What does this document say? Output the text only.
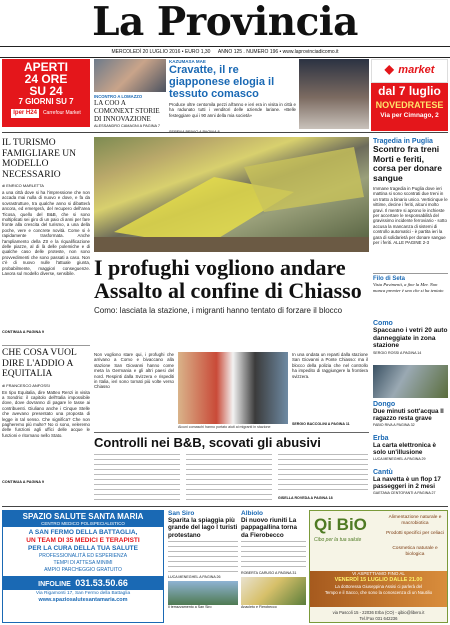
La Provincia
MERCOLEDÌ 20 LUGLIO 2016 • EURO 1,30 ANNO 125 . NUMERO 196 • www.laprovinciadicomo.it
APERTI
24 ORE
SU 24
7 GIORNI SU 7
Iper H24	Carrefour Market
INCONTRO A LOMAZZO
LA COO A COMONEXT STORIE DI INNOVAZIONE
ALESSANDRO CAMAGNI A PAGINA 7
KAZUMASA MAE
Cravatte, il re giapponese elogia il tessuto comasco
Produce oltre centomila pezzi all'anno e ieri era in visita in città e ha radunato tutti i venditori delle aziende lariane. «Belle festeggiare qui i 90 anni della mia società»
◆ market
dal 7 luglio
NOVEDRATESE
Via per Cimnago, 2
IL TURISMO FAMIGLIARE UN MODELLO NECESSARIO
di ENRICO MARLETTA
a una città dove si ha l'impressione che non accada mai nulla di nuovo e dove, e fa da sovrastrutture, tra qualche anno si dibatterà ancora, ed emergerà, del recupero dell'area Ticosa, quello del B&B, che si sono moltiplicati sei giro di un paio di anni per fare fronte alla crescita del turismo, a una della poche, vere e concrete novità. Come si è rapidamente trasformata. Anche l'ampliamento della ZtI e la riqualificazione delle piazze, al di là delle polemiche e di qualche caso delle proteste, non sono provvedimenti che sono passati a caso. Non c'è di nuovo nulle l'attuale giunta, probabilmente, maggiori conseguenze. Lavora sul modello diverse, sensibile.
CONTINUA A PAGINA 9
Tragedia in Puglia
Scontro fra treni Morti e feriti, corsa per donare sangue
Immane tragedia in Puglia dove ieri mattina si sono scontrati due treni in un tratto a binario unico. Verticinque le vittime, decine i feriti, alcuni molto gravi. Il mentre si aprono le inchieste per accertare le responsabilità del gravissimo incidente ferroviario - sotto accusa la mancanza di sistemi di controllo automatici - è partita ieri la gara di solidarietà per donare sangue per i feriti. ALLE PAGINE 2-3
Filo di Seta
Vista Pavimenti, a fine la Mer. Non manca premier è uno che si ha tentato
I profughi vogliono andare
Assalto al confine di Chiasso
Como: lasciata la stazione, i migranti hanno tentato di forzare il blocco
Como
Spaccano i vetri 20 auto danneggiate in zona stazione
SERGIO ROSSI A PAGINA 14
Dongo
Due minuti sott'acqua Il ragazzo resta grave
FABIO RIVA A PAGINA 32
Erba
La carta elettronica è solo un'illusione
LUCA MENEGHEL A PAGINA 29
Cantù
La navetta è un flop 17 passeggeri in 2 mesi
GAETANA CENTOFANTI A PAGINA 27
CHE COSA VUOL DIRE L'ADDIO A EQUITALIA
di FRANCESCO ANFOSSI
En tipo Equitalia, dire Matteo Renzi in visita a Sondrio: il capitolo dell'Italia impossibile dove, dove dovranno di pagare le tasse ai contribuenti. Giuliano anche i Cinque Stelle che avevano presentato una proposta di legge in tal senso. Che significa? Che non pagheremo più multe? No ci sono, veleremo delle funzioni agli uffici delle acque le funzioni e ritornano nello Stato.
CONTINUA A PAGINA 9
Non vogliono stare qui, i profughi che arrivano a Como e bivaccano alla stazione San Giovanni hanno come meta la Germania e gli altri paesi del nord. Respinti dalla Svizzera e rispediti in Italia, ieri sono tornati più volte verso Chiasso
Alcuni comaschi hanno portato aiuti ai migranti in stazione
In una ondata un reparti dalla stazione San Giovanni a Ponte Chiasso: ma il blocco della polizia che nel controllo ha impedito di raggiungere la frontiera svizzera.
SERGIO BACCOLINI A PAGINA 11
Controlli nei B&B, scovati gli abusivi
GISELLA ROVEDA A PAGINA 18
SPAZIO SALUTE SANTA MARIA
CENTRO MEDICO POLISPECIALISTICO
A SAN FERMO DELLA BATTAGLIA,
UN TEAM DI 35 MEDICI E TERAPISTI
PER LA CURA DELLA TUA SALUTE
PROFESSIONALITÀ ED ESPERIENZA
TEMPI DI ATTESA MINIMI
AMPIO PARCHEGGIO GRATUITO
INFOLINE 031.53.50.66
Via Rigamonti 17, San Fermo della Battaglia
www.spaziosalutesantamaria.com
San Siro
Sparita la spiaggia più grande del lago I turisti protestano
LUCA MENEGHEL A PAGINA 26
Il terrazzamento a San Siro
Albiolo
Di nuovo riuniti La pappagallina torna da Fierobecco
ROBERTA CARUSO A PAGINA 31
Anacleto e Fierobecco
Qi BiO
Cibo per la tua salute
Alimentazione naturale e macrobiotica
Prodotti specifici per celiaci
Cosmetica naturale e biologica
VI ASPETTIAMO FINO AL
VENERDÌ 15 LUGLIO DALLE 21.00
La dottoressa Giuseppina Assisi ci parlerà del
Tempo e il Sacco, che sono la conoscenza di un Nautilio
via Pascoli 15 - 22036 Erba (CO) - qibio@libero.it
Tel./Fax 031 642236
